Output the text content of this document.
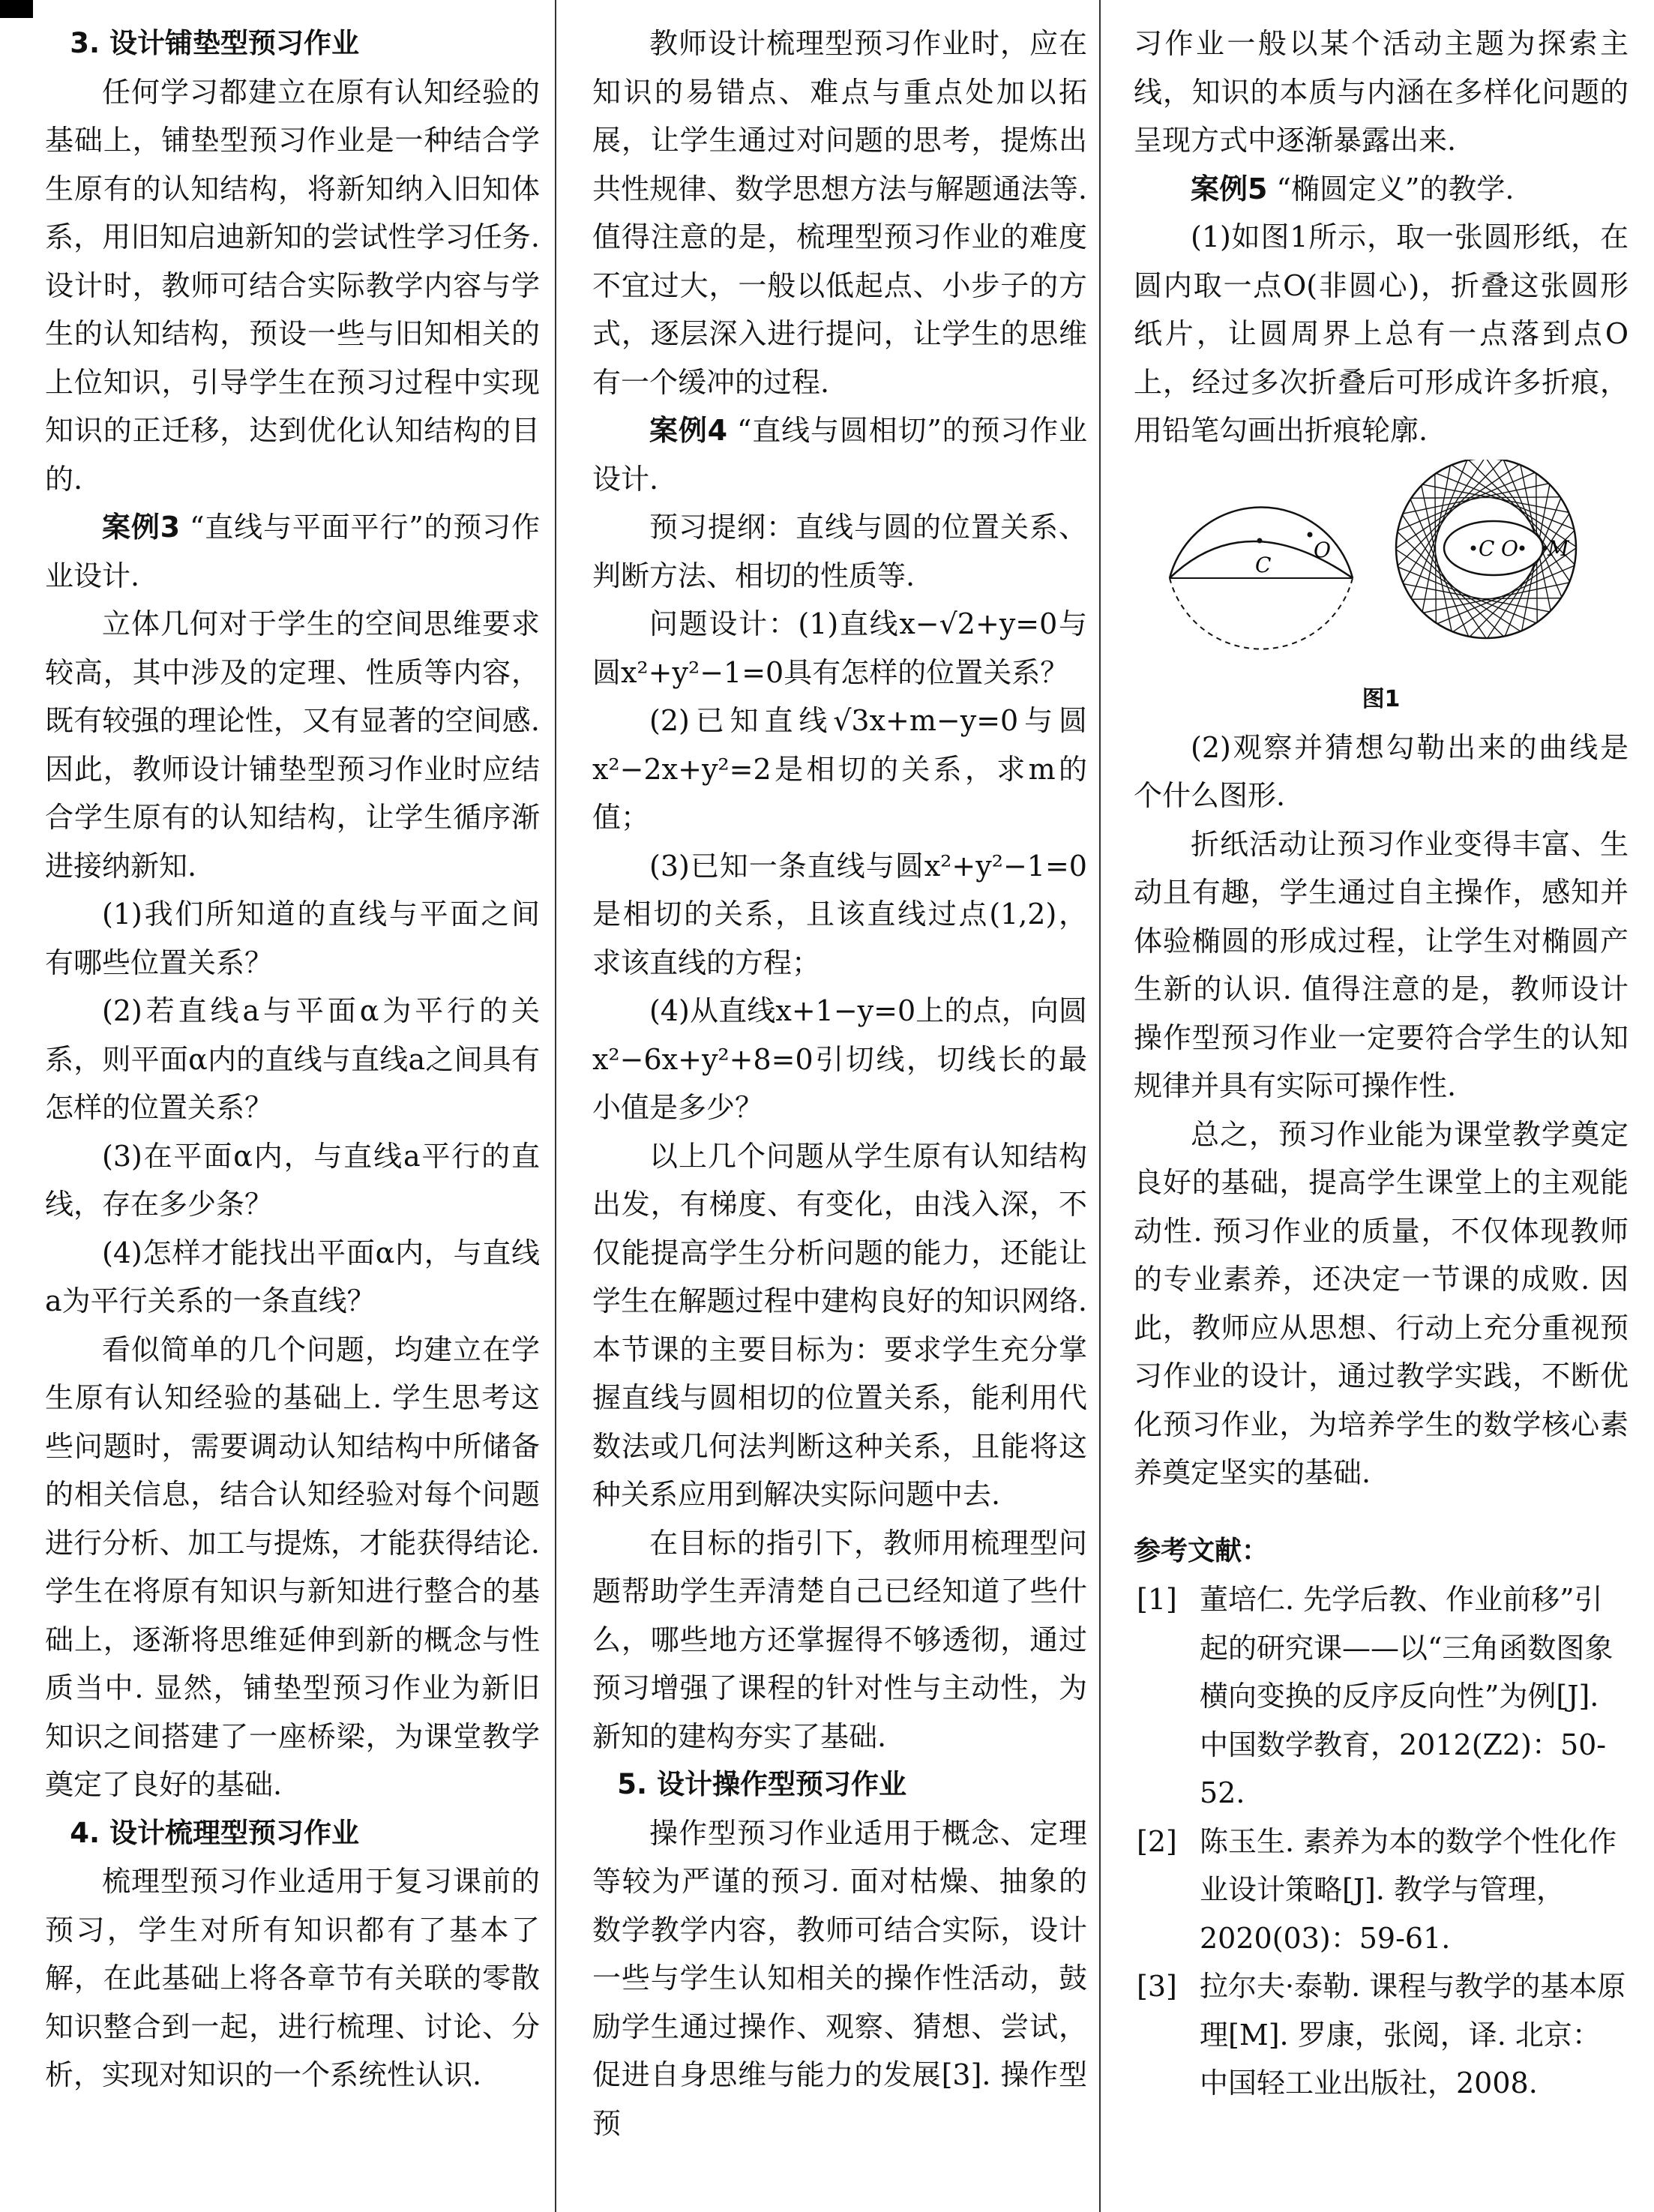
3. 设计铺垫型预习作业

任何学习都建立在原有认知经验的基础上，铺垫型预习作业是一种结合学生原有的认知结构，将新知纳入旧知体系，用旧知启迪新知的尝试性学习任务. 设计时，教师可结合实际教学内容与学生的认知结构，预设一些与旧知相关的上位知识，引导学生在预习过程中实现知识的正迁移，达到优化认知结构的目的.

案例3 “直线与平面平行”的预习作业设计.

立体几何对于学生的空间思维要求较高，其中涉及的定理、性质等内容，既有较强的理论性，又有显著的空间感. 因此，教师设计铺垫型预习作业时应结合学生原有的认知结构，让学生循序渐进接纳新知.

(1)我们所知道的直线与平面之间有哪些位置关系？

(2)若直线a与平面α为平行的关系，则平面α内的直线与直线a之间具有怎样的位置关系？

(3)在平面α内，与直线a平行的直线，存在多少条？

(4)怎样才能找出平面α内，与直线a为平行关系的一条直线？

看似简单的几个问题，均建立在学生原有认知经验的基础上. 学生思考这些问题时，需要调动认知结构中所储备的相关信息，结合认知经验对每个问题进行分析、加工与提炼，才能获得结论. 学生在将原有知识与新知进行整合的基础上，逐渐将思维延伸到新的概念与性质当中. 显然，铺垫型预习作业为新旧知识之间搭建了一座桥梁，为课堂教学奠定了良好的基础.

4. 设计梳理型预习作业

梳理型预习作业适用于复习课前的预习，学生对所有知识都有了基本了解，在此基础上将各章节有关联的零散知识整合到一起，进行梳理、讨论、分析，实现对知识的一个系统性认识.

教师设计梳理型预习作业时，应在知识的易错点、难点与重点处加以拓展，让学生通过对问题的思考，提炼出共性规律、数学思想方法与解题通法等. 值得注意的是，梳理型预习作业的难度不宜过大，一般以低起点、小步子的方式，逐层深入进行提问，让学生的思维有一个缓冲的过程.

案例4 “直线与圆相切”的预习作业设计.

预习提纲：直线与圆的位置关系、判断方法、相切的性质等.

问题设计：(1)直线x−√2+y=0与圆x²+y²−1=0具有怎样的位置关系？

(2)已知直线√3x+m−y=0与圆x²−2x+y²=2是相切的关系，求m的值；

(3)已知一条直线与圆x²+y²−1=0是相切的关系，且该直线过点(1,2)，求该直线的方程；

(4)从直线x+1−y=0上的点，向圆x²−6x+y²+8=0引切线，切线长的最小值是多少？

以上几个问题从学生原有认知结构出发，有梯度、有变化，由浅入深，不仅能提高学生分析问题的能力，还能让学生在解题过程中建构良好的知识网络. 本节课的主要目标为：要求学生充分掌握直线与圆相切的位置关系，能利用代数法或几何法判断这种关系，且能将这种关系应用到解决实际问题中去.

在目标的指引下，教师用梳理型问题帮助学生弄清楚自己已经知道了些什么，哪些地方还掌握得不够透彻，通过预习增强了课程的针对性与主动性，为新知的建构夯实了基础.

5. 设计操作型预习作业

操作型预习作业适用于概念、定理等较为严谨的预习. 面对枯燥、抽象的数学教学内容，教师可结合实际，设计一些与学生认知相关的操作性活动，鼓励学生通过操作、观察、猜想、尝试，促进自身思维与能力的发展[3]. 操作型预

习作业一般以某个活动主题为探索主线，知识的本质与内涵在多样化问题的呈现方式中逐渐暴露出来.

案例5 “椭圆定义”的教学.

(1)如图1所示，取一张圆形纸，在圆内取一点O(非圆心)，折叠这张圆形纸片，让圆周界上总有一点落到点O上，经过多次折叠后可形成许多折痕，用铅笔勾画出折痕轮廓.

C
O	C O M

图1

(2)观察并猜想勾勒出来的曲线是个什么图形.

折纸活动让预习作业变得丰富、生动且有趣，学生通过自主操作，感知并体验椭圆的形成过程，让学生对椭圆产生新的认识. 值得注意的是，教师设计操作型预习作业一定要符合学生的认知规律并具有实际可操作性.

总之，预习作业能为课堂教学奠定良好的基础，提高学生课堂上的主观能动性. 预习作业的质量，不仅体现教师的专业素养，还决定一节课的成败. 因此，教师应从思想、行动上充分重视预习作业的设计，通过教学实践，不断优化预习作业，为培养学生的数学核心素养奠定坚实的基础.

参考文献：

[1] 董培仁. 先学后教、作业前移”引起的研究课——以“三角函数图象横向变换的反序反向性”为例[J]. 中国数学教育，2012(Z2)：50-52.

[2] 陈玉生. 素养为本的数学个性化作业设计策略[J]. 教学与管理，2020(03)：59-61.

[3] 拉尔夫·泰勒. 课程与教学的基本原理[M]. 罗康，张阅，译. 北京：中国轻工业出版社，2008.
